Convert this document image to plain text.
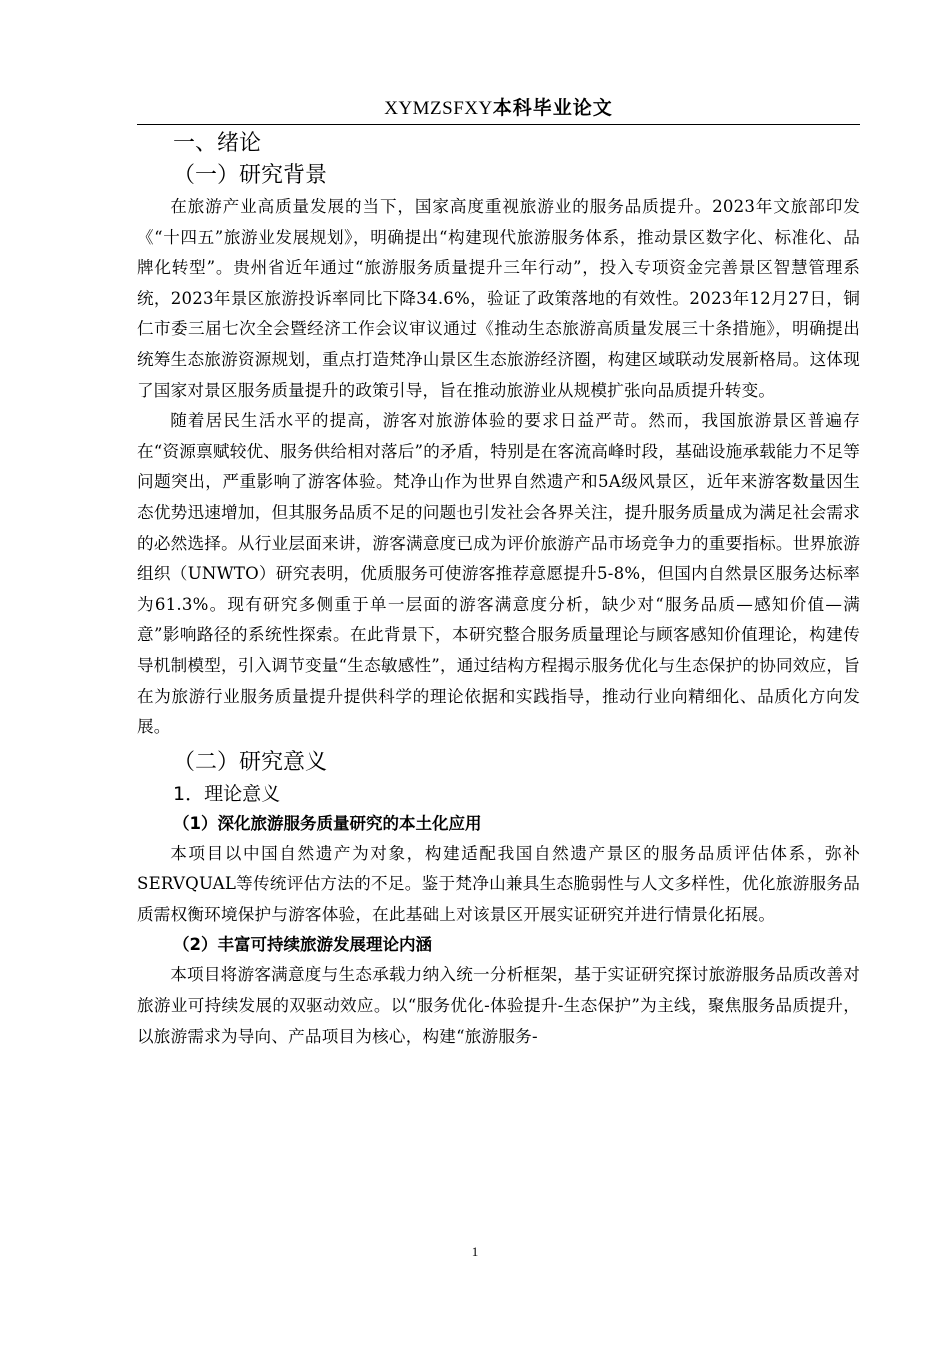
XYMZSFXY本科毕业论文
一、绪论
（一）研究背景

在旅游产业高质量发展的当下，国家高度重视旅游业的服务品质提升。2023年文旅部印发《“十四五”旅游业发展规划》，明确提出“构建现代旅游服务体系，推动景区数字化、标准化、品牌化转型”。贵州省近年通过“旅游服务质量提升三年行动”，投入专项资金完善景区智慧管理系统，2023年景区旅游投诉率同比下降34.6%，验证了政策落地的有效性。2023年12月27日，铜仁市委三届七次全会暨经济工作会议审议通过《推动生态旅游高质量发展三十条措施》，明确提出统筹生态旅游资源规划，重点打造梵净山景区生态旅游经济圈，构建区域联动发展新格局。这体现了国家对景区服务质量提升的政策引导，旨在推动旅游业从规模扩张向品质提升转变。

随着居民生活水平的提高，游客对旅游体验的要求日益严苛。然而，我国旅游景区普遍存在“资源禀赋较优、服务供给相对落后”的矛盾，特别是在客流高峰时段，基础设施承载能力不足等问题突出，严重影响了游客体验。梵净山作为世界自然遗产和5A级风景区，近年来游客数量因生态优势迅速增加，但其服务品质不足的问题也引发社会各界关注，提升服务质量成为满足社会需求的必然选择。从行业层面来讲，游客满意度已成为评价旅游产品市场竞争力的重要指标。世界旅游组织（UNWTO）研究表明，优质服务可使游客推荐意愿提升5-8%，但国内自然景区服务达标率为61.3%。现有研究多侧重于单一层面的游客满意度分析，缺少对“服务品质—感知价值—满意”影响路径的系统性探索。在此背景下，本研究整合服务质量理论与顾客感知价值理论，构建传导机制模型，引入调节变量“生态敏感性”，通过结构方程揭示服务优化与生态保护的协同效应，旨在为旅游行业服务质量提升提供科学的理论依据和实践指导，推动行业向精细化、品质化方向发展。

（二）研究意义
1．理论意义
（1）深化旅游服务质量研究的本土化应用

本项目以中国自然遗产为对象，构建适配我国自然遗产景区的服务品质评估体系，弥补SERVQUAL等传统评估方法的不足。鉴于梵净山兼具生态脆弱性与人文多样性，优化旅游服务品质需权衡环境保护与游客体验，在此基础上对该景区开展实证研究并进行情景化拓展。

（2）丰富可持续旅游发展理论内涵

本项目将游客满意度与生态承载力纳入统一分析框架，基于实证研究探讨旅游服务品质改善对旅游业可持续发展的双驱动效应。以“服务优化-体验提升-生态保护”为主线，聚焦服务品质提升，以旅游需求为导向、产品项目为核心，构建“旅游服务-

1
